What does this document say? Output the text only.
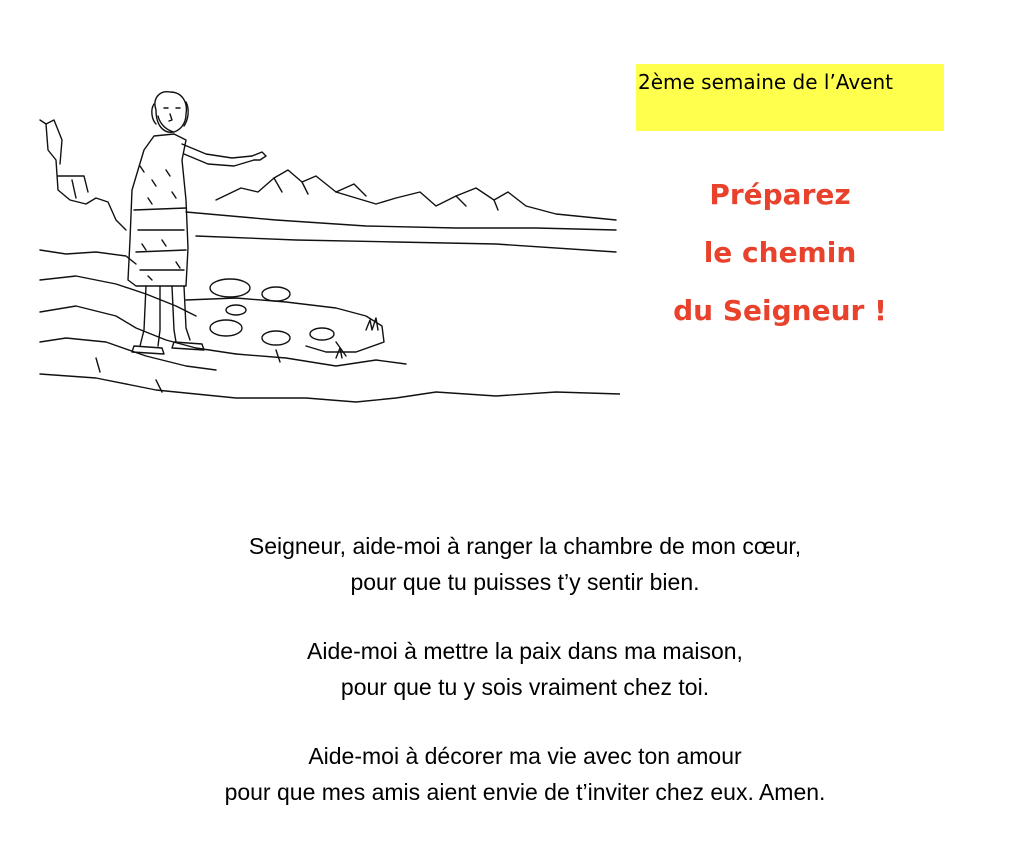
2ème semaine de l’Avent
Préparez
le chemin
du Seigneur !
Seigneur, aide-moi à ranger la chambre de mon cœur,
pour que tu puisses t’y sentir bien.
Aide-moi à mettre la paix dans ma maison,
pour que tu y sois vraiment chez toi.
Aide-moi à décorer ma vie avec ton amour
pour que mes amis aient envie de t’inviter chez eux. Amen.
